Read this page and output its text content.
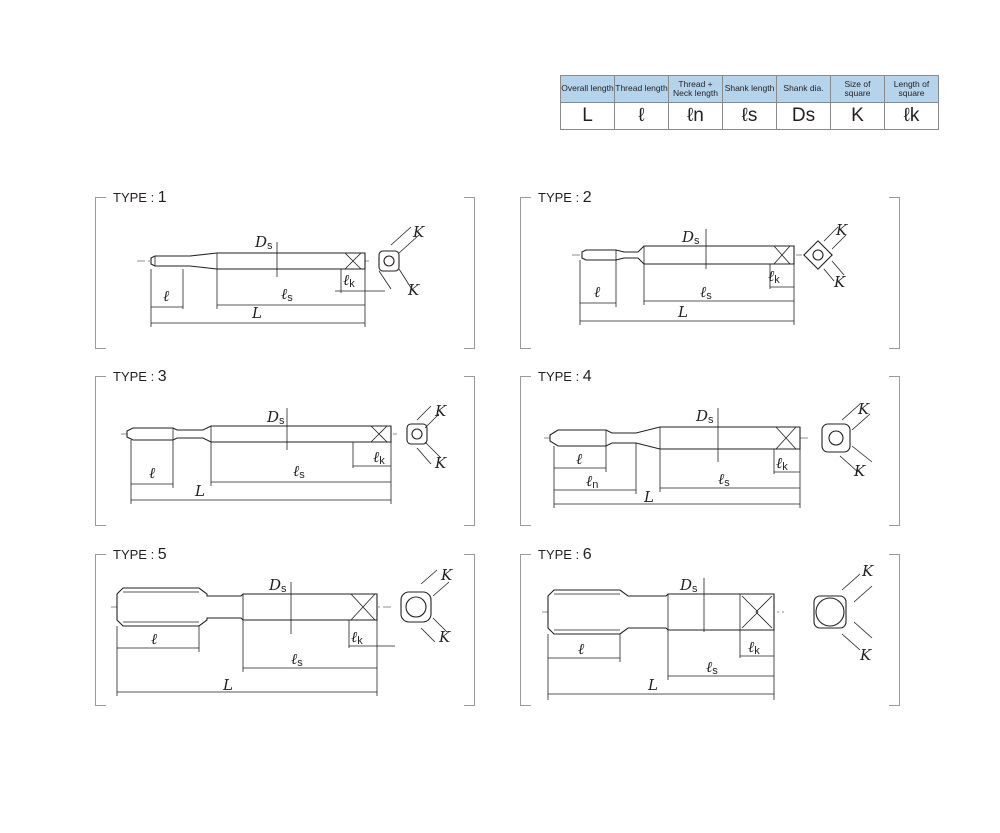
Overall length	Thread length	Thread + Neck length	Shank length	Shank dia.	Size of square	Length of square
L	ℓ	ℓn	ℓs	Ds	K	ℓk
TYPE : 1
Ds
K
K
ℓ	ℓs
ℓk
L
TYPE : 2
Ds
K
K
ℓ	ℓs
ℓk
L
TYPE : 3
Ds
K
K
ℓ	ℓs
ℓk
L
TYPE : 4
Ds
K
K
ℓ
ℓn	ℓs
ℓk
L
TYPE : 5
Ds
K
K
ℓ
ℓs
ℓk
L
TYPE : 6
Ds
K
K
ℓ
ℓs
ℓk
L
